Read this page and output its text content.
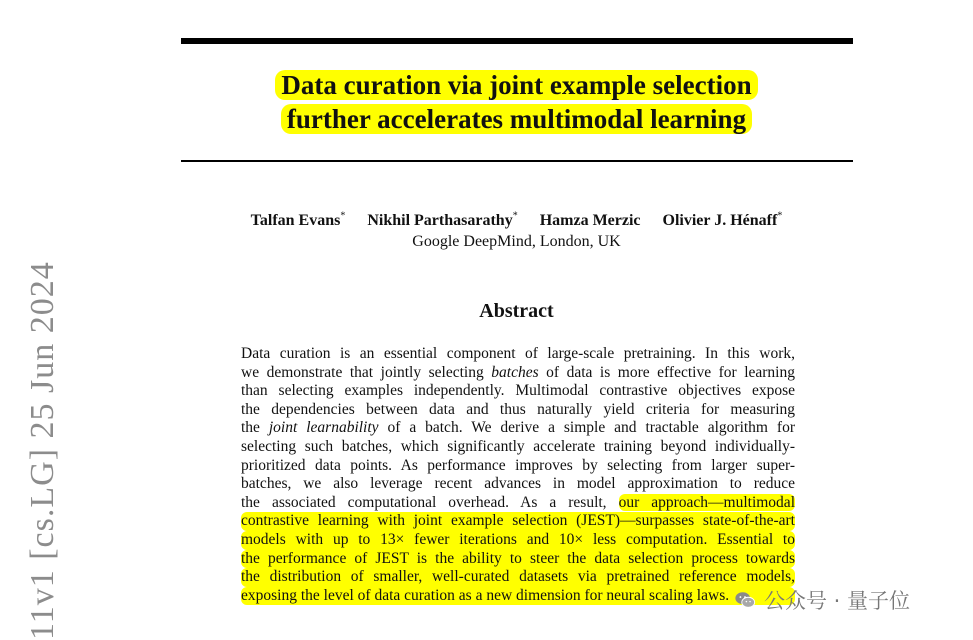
Data curation via joint example selection
further accelerates multimodal learning
Talfan Evans* Nikhil Parthasarathy* Hamza Merzic Olivier J. Hénaff*
Google DeepMind, London, UK
Abstract
Data curation is an essential component of large-scale pretraining. In this work,
we demonstrate that jointly selecting batches of data is more effective for learning
than selecting examples independently. Multimodal contrastive objectives expose
the dependencies between data and thus naturally yield criteria for measuring
the joint learnability of a batch. We derive a simple and tractable algorithm for
selecting such batches, which significantly accelerate training beyond individually-
prioritized data points. As performance improves by selecting from larger super-
batches, we also leverage recent advances in model approximation to reduce
the associated computational overhead. As a result, our approach—multimodal
contrastive learning with joint example selection (JEST)—surpasses state-of-the-art
models with up to 13× fewer iterations and 10× less computation. Essential to
the performance of JEST is the ability to steer the data selection process towards
the distribution of smaller, well-curated datasets via pretrained reference models,
exposing the level of data curation as a new dimension for neural scaling laws.
11v1 [cs.LG] 25 Jun 2024	公众号 · 量子位
